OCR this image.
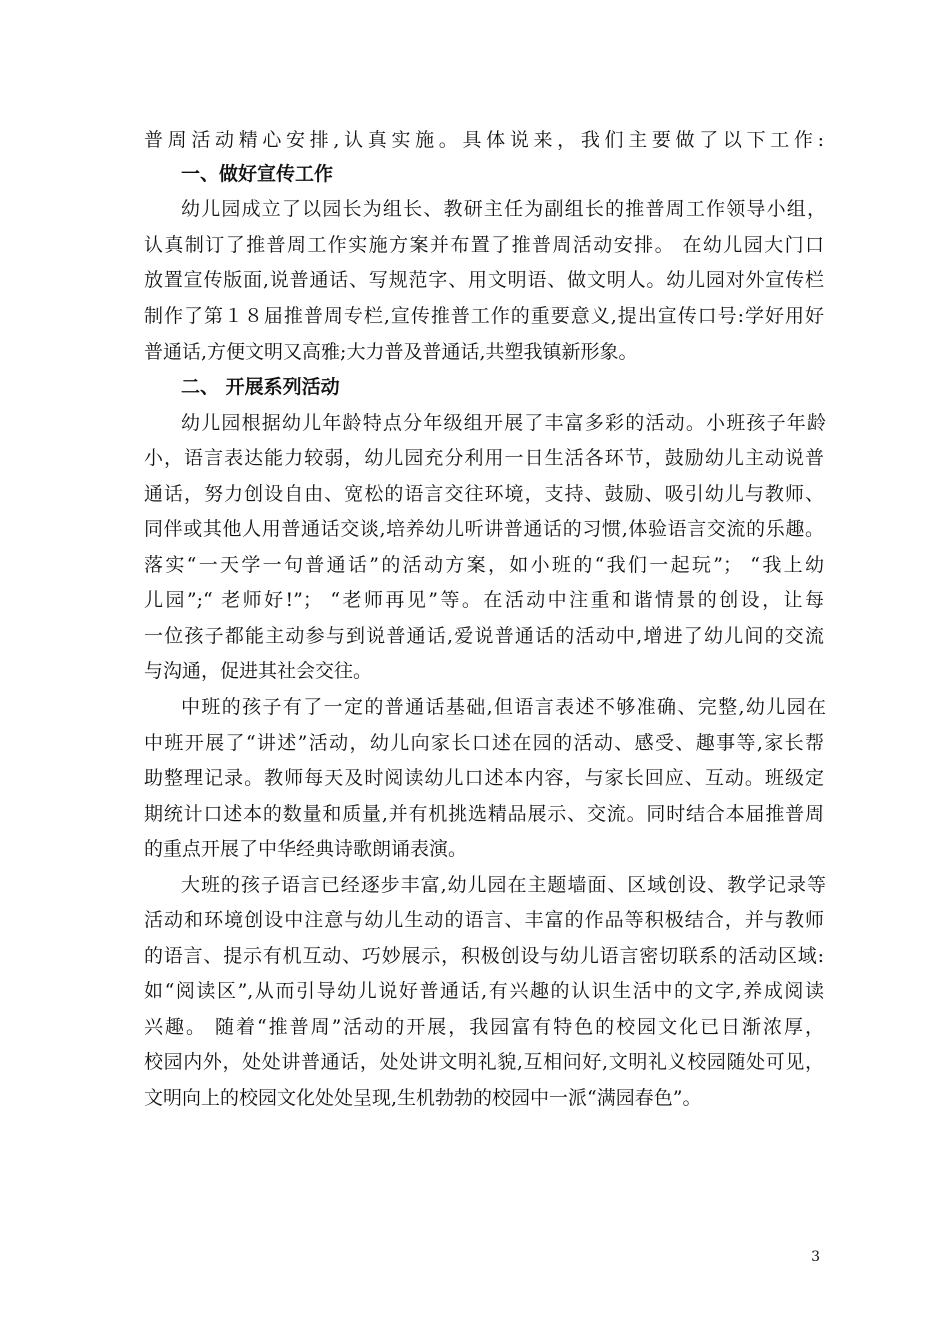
普周活动精心安排,认真实施。具体说来，我们主要做了以下工作:
一、做好宣传工作
幼儿园成立了以园长为组长、教研主任为副组长的推普周工作领导小组，
认真制订了推普周工作实施方案并布置了推普周活动安排。 在幼儿园大门口
放置宣传版面,说普通话、写规范字、用文明语、做文明人。幼儿园对外宣传栏
制作了第１８届推普周专栏,宣传推普工作的重要意义,提出宣传口号:学好用好
普通话,方便文明又高雅;大力普及普通话,共塑我镇新形象。
二、 开展系列活动
幼儿园根据幼儿年龄特点分年级组开展了丰富多彩的活动。小班孩子年龄
小，语言表达能力较弱，幼儿园充分利用一日生活各环节，鼓励幼儿主动说普
通话，努力创设自由、宽松的语言交往环境，支持、鼓励、吸引幼儿与教师、
同伴或其他人用普通话交谈,培养幼儿听讲普通话的习惯,体验语言交流的乐趣。
落实“一天学一句普通话”的活动方案，如小班的“我们一起玩”； “我上幼
儿园”;“ 老师好!”； “老师再见”等。在活动中注重和谐情景的创设，让每
一位孩子都能主动参与到说普通话,爱说普通话的活动中,增进了幼儿间的交流
与沟通，促进其社会交往。
中班的孩子有了一定的普通话基础,但语言表述不够准确、完整,幼儿园在
中班开展了“讲述”活动，幼儿向家长口述在园的活动、感受、趣事等,家长帮
助整理记录。教师每天及时阅读幼儿口述本内容，与家长回应、互动。班级定
期统计口述本的数量和质量,并有机挑选精品展示、交流。同时结合本届推普周
的重点开展了中华经典诗歌朗诵表演。
大班的孩子语言已经逐步丰富,幼儿园在主题墙面、区域创设、教学记录等
活动和环境创设中注意与幼儿生动的语言、丰富的作品等积极结合，并与教师
的语言、提示有机互动、巧妙展示，积极创设与幼儿语言密切联系的活动区域:
如“阅读区”,从而引导幼儿说好普通话,有兴趣的认识生活中的文字,养成阅读
兴趣。 随着“推普周”活动的开展，我园富有特色的校园文化已日渐浓厚，
校园内外，处处讲普通话，处处讲文明礼貌,互相问好,文明礼义校园随处可见，
文明向上的校园文化处处呈现,生机勃勃的校园中一派“满园春色”。
3
